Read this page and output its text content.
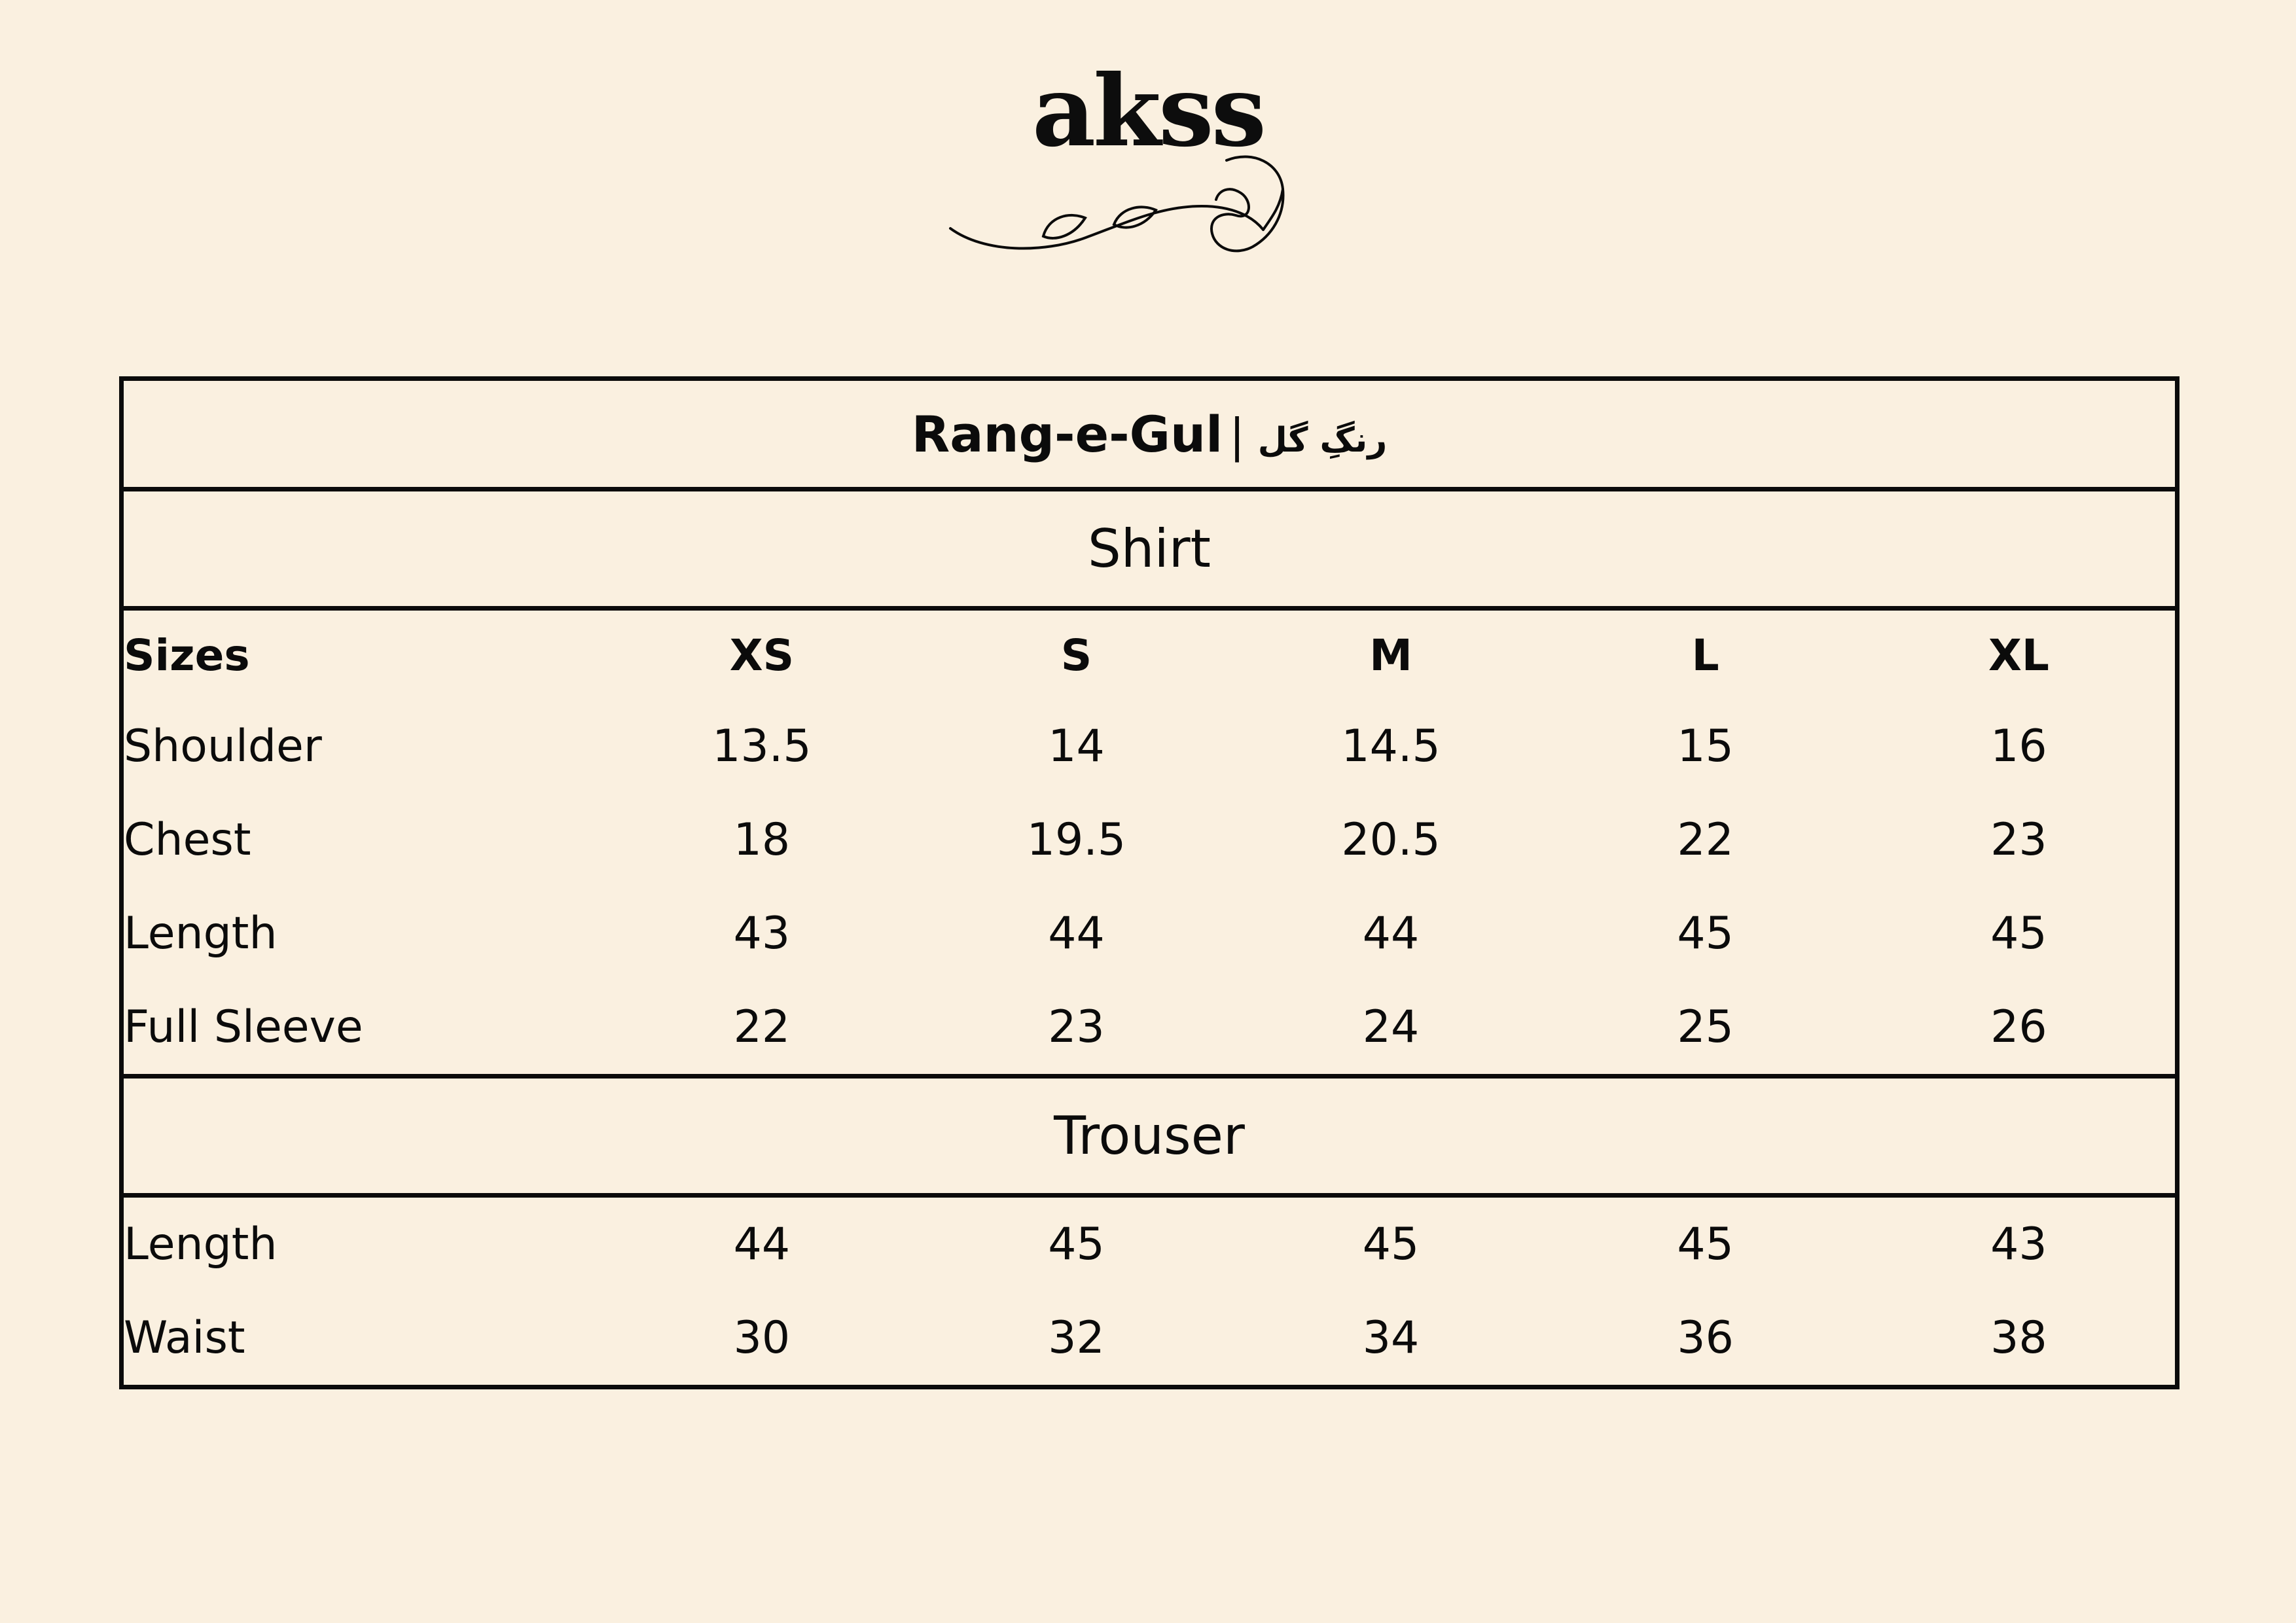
akss
Rang-e-Gul | رنگِ گل					
Shirt					
Sizes	XS	S	M	L	XL
Shoulder	13.5	14	14.5	15	16
Chest	18	19.5	20.5	22	23
Length	43	44	44	45	45
Full Sleeve	22	23	24	25	26
Trouser					
Length	44	45	45	45	43
Waist	30	32	34	36	38
